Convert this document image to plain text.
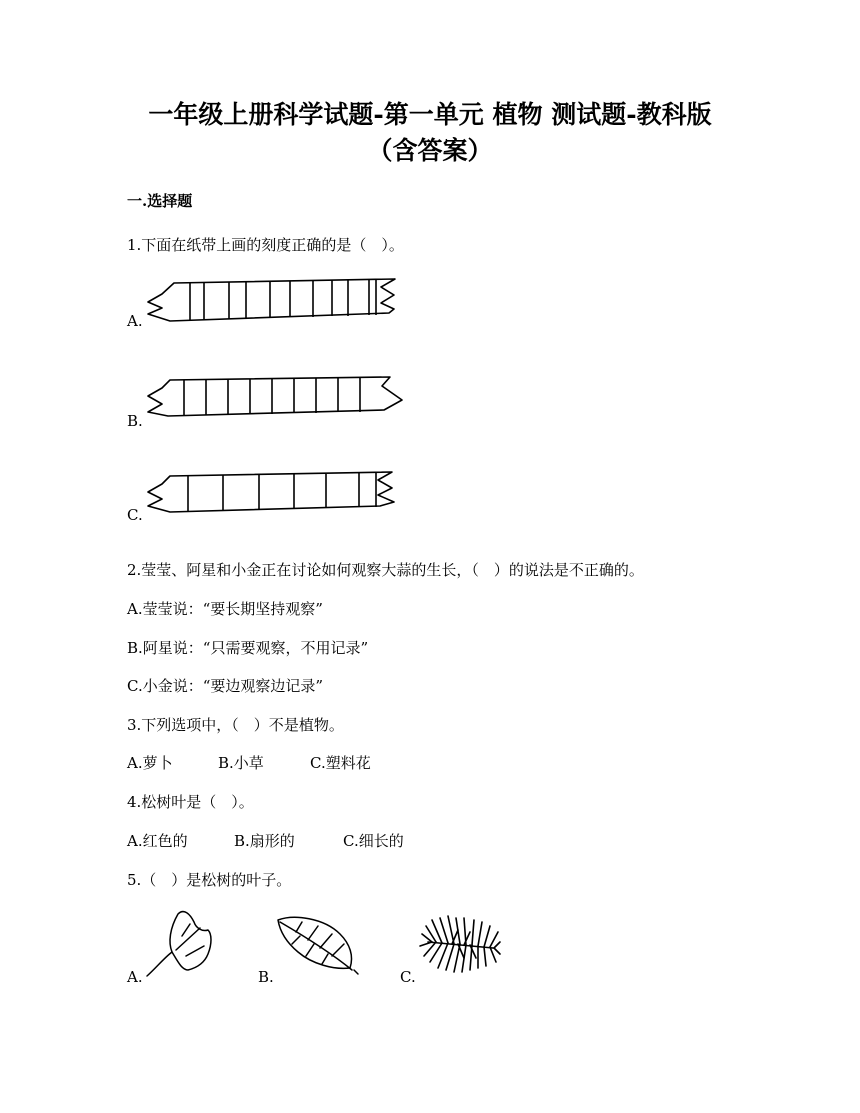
一年级上册科学试题-第一单元 植物 测试题-教科版
（含答案）
一.选择题
1.下面在纸带上画的刻度正确的是（　）。
A.
B.
C.
2.莹莹、阿星和小金正在讨论如何观察大蒜的生长，（　）的说法是不正确的。
A.莹莹说：“要长期坚持观察”
B.阿星说：“只需要观察，不用记录”
C.小金说：“要边观察边记录”
3.下列选项中，（　）不是植物。
A.萝卜	B.小草	C.塑料花
4.松树叶是（　）。
A.红色的	B.扇形的	C.细长的
5.（　）是松树的叶子。
A.	B.	C.
